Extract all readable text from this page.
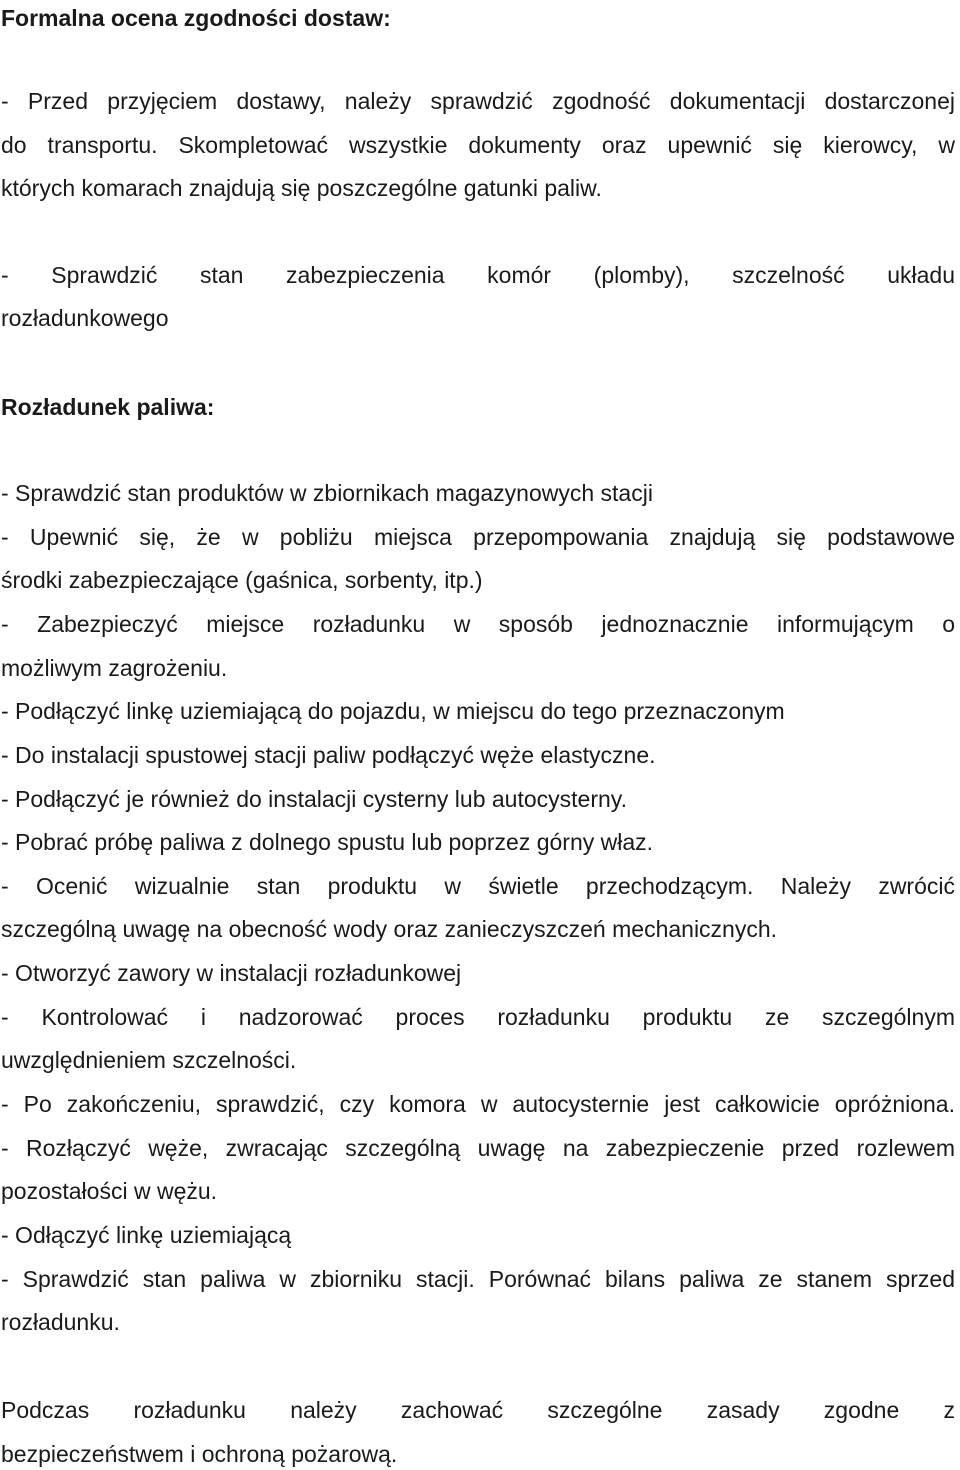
Formalna ocena zgodności dostaw:
- Przed przyjęciem dostawy, należy sprawdzić zgodność dokumentacji dostarczonej
do transportu. Skompletować wszystkie dokumenty oraz upewnić się kierowcy, w
których komarach znajdują się poszczególne gatunki paliw.
- Sprawdzić stan zabezpieczenia komór (plomby), szczelność układu
rozładunkowego
Rozładunek paliwa:
- Sprawdzić stan produktów w zbiornikach magazynowych stacji
- Upewnić się, że w pobliżu miejsca przepompowania znajdują się podstawowe
środki zabezpieczające (gaśnica, sorbenty, itp.)
- Zabezpieczyć miejsce rozładunku w sposób jednoznacznie informującym o
możliwym zagrożeniu.
- Podłączyć linkę uziemiającą do pojazdu, w miejscu do tego przeznaczonym
- Do instalacji spustowej stacji paliw podłączyć węże elastyczne.
- Podłączyć je również do instalacji cysterny lub autocysterny.
- Pobrać próbę paliwa z dolnego spustu lub poprzez górny właz.
- Ocenić wizualnie stan produktu w świetle przechodzącym. Należy zwrócić
szczególną uwagę na obecność wody oraz zanieczyszczeń mechanicznych.
- Otworzyć zawory w instalacji rozładunkowej
- Kontrolować i nadzorować proces rozładunku produktu ze szczególnym
uwzględnieniem szczelności.
- Po zakończeniu, sprawdzić, czy komora w autocysternie jest całkowicie opróżniona.
- Rozłączyć węże, zwracając szczególną uwagę na zabezpieczenie przed rozlewem
pozostałości w wężu.
- Odłączyć linkę uziemiającą
- Sprawdzić stan paliwa w zbiorniku stacji. Porównać bilans paliwa ze stanem sprzed
rozładunku.
Podczas rozładunku należy zachować szczególne zasady zgodne z
bezpieczeństwem i ochroną pożarową.
